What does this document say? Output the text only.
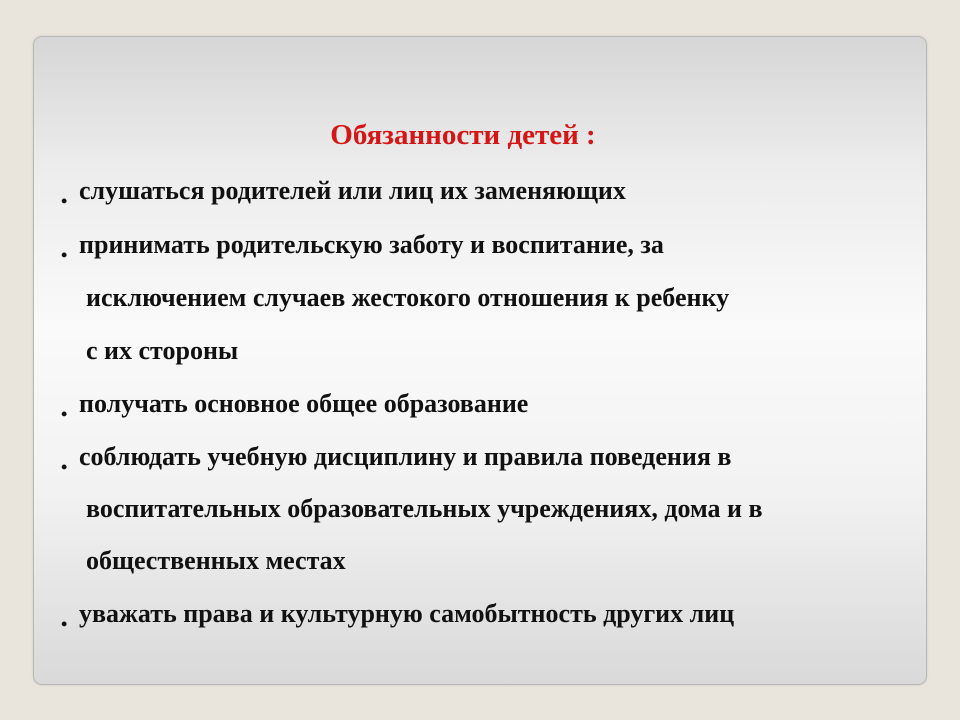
Обязанности детей :
• слушаться родителей или лиц их заменяющих
• принимать родительскую заботу и воспитание, за
исключением случаев жестокого отношения к ребенку
с их стороны
• получать основное общее образование
• соблюдать учебную дисциплину и правила поведения в
воспитательных образовательных учреждениях, дома и в
общественных местах
• уважать права и культурную самобытность других лиц
